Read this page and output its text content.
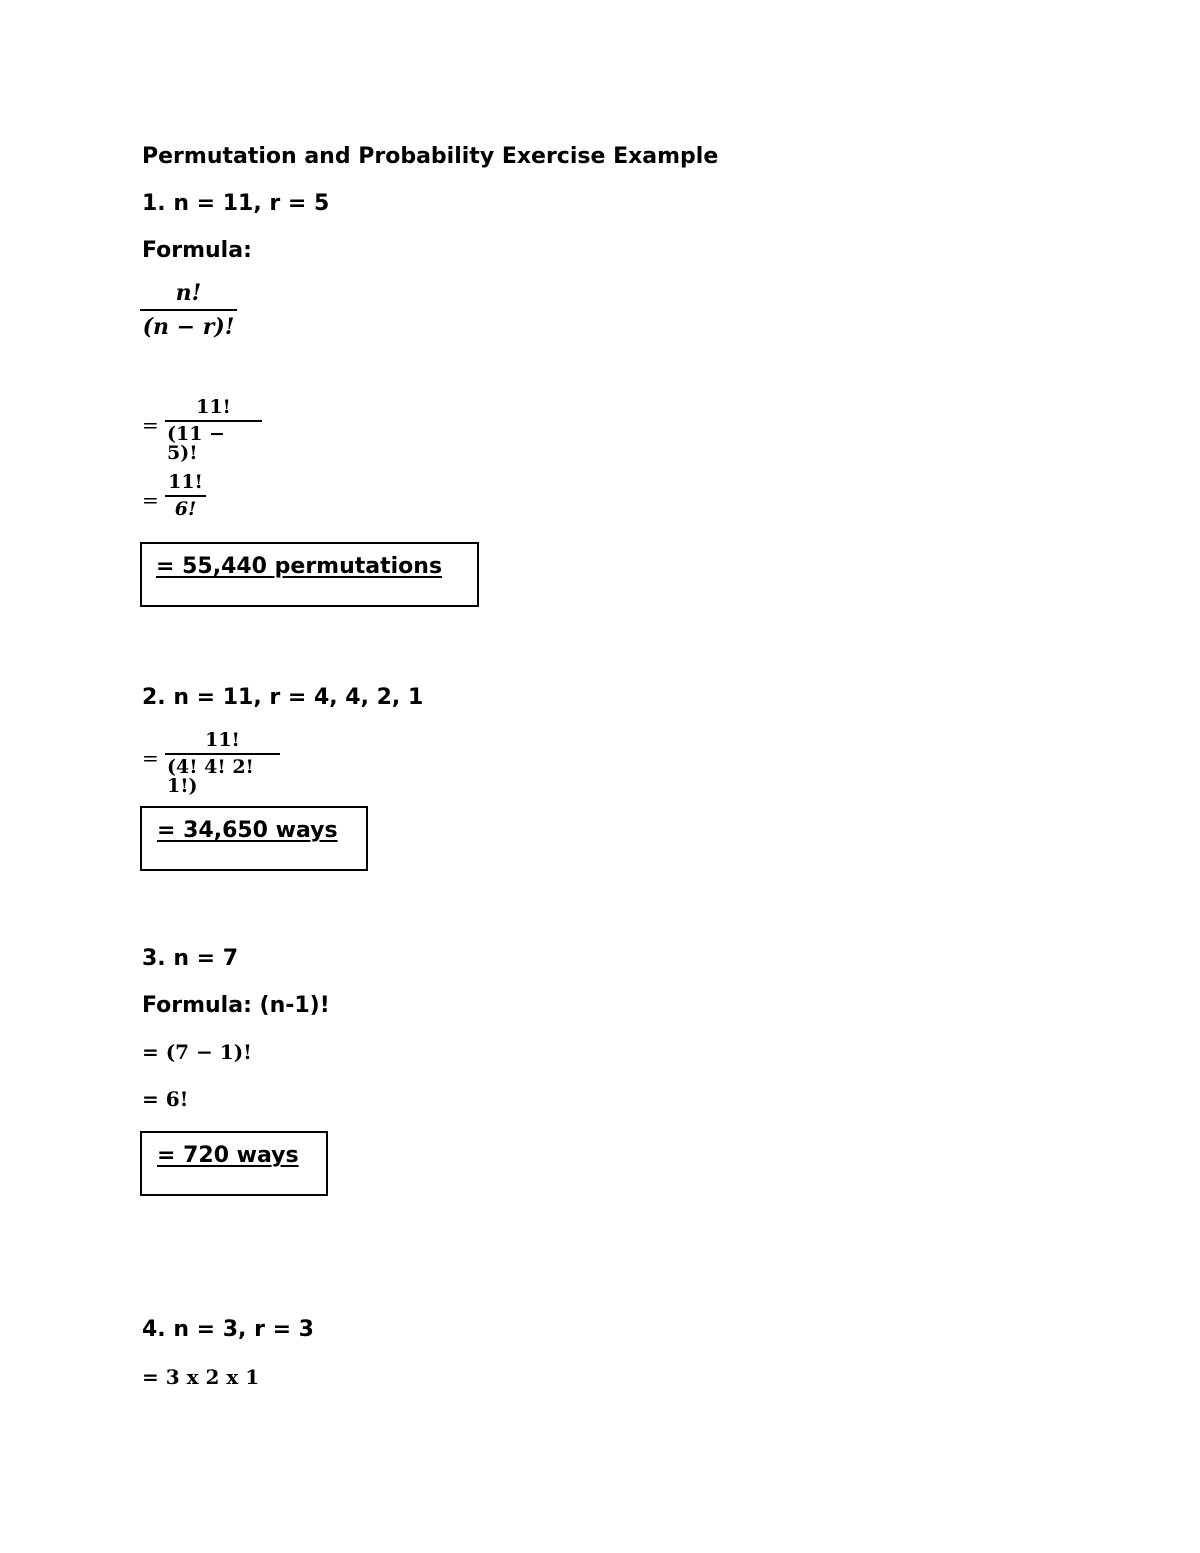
Permutation and Probability Exercise Example
1. n = 11, r = 5
Formula:
n!
(n − r)!
=
11!
(11 − 5)!
=
11!
6!
= 55,440 permutations
2. n = 11, r = 4, 4, 2, 1
=
11!
(4! 4! 2! 1!)
= 34,650 ways
3. n = 7
Formula: (n-1)!
= (7 − 1)!
= 6!
= 720 ways
4. n = 3, r = 3
= 3 x 2 x 1
